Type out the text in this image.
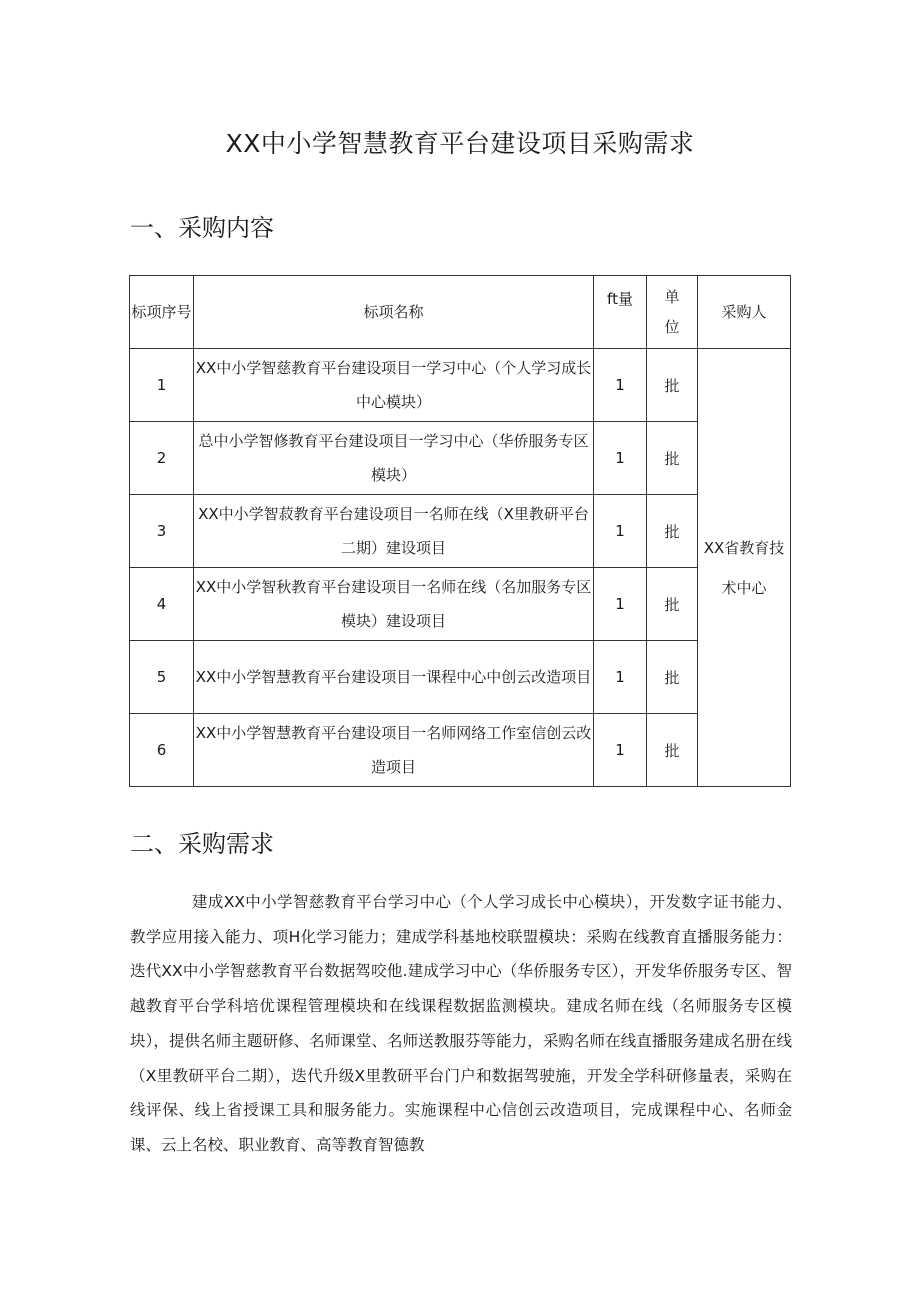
XX中小学智慧教育平台建设项目采购需求
一、采购内容
标项序号	标项名称	ft量	单位	采购人
1	XX中小学智慈教育平台建设项目一学习中心（个人学习成长中心模块）	1	批	XX省教育技术中心
2	总中小学智修教育平台建设项目一学习中心（华侨服务专区模块）	1	批	
3	XX中小学智菽教育平台建设项目一名师在线（X里教研平台二期）建设项目	1	批	
4	XX中小学智秋教育平台建设项目一名师在线（名加服务专区模块）建设项目	1	批	
5	XX中小学智慧教育平台建设项目一课程中心中创云改造项目	1	批	
6	XX中小学智慧教育平台建设项目一名师网络工作室信创云改造项目	1	批	
二、采购需求

建成XX中小学智慈教育平台学习中心（个人学习成长中心模块），开发数字证书能力、教学应用接入能力、项H化学习能力；建成学科基地校联盟模块：采购在线教育直播服务能力：迭代XX中小学智慈教育平台数据驾咬他.建成学习中心（华侨服务专区），开发华侨服务专区、智越教育平台学科培优课程管理模块和在线课程数据监测模块。建成名师在线（名师服务专区模块），提供名师主题研修、名师课堂、名师送教服芬等能力，采购名师在线直播服务建成名册在线（X里教研平台二期），迭代升级X里教研平台门户和数据驾驶施，开发全学科研修量表，采购在线评保、线上省授课工具和服务能力。实施课程中心信创云改造项目，完成课程中心、名师金课、云上名校、职业教育、高等教育智德教
